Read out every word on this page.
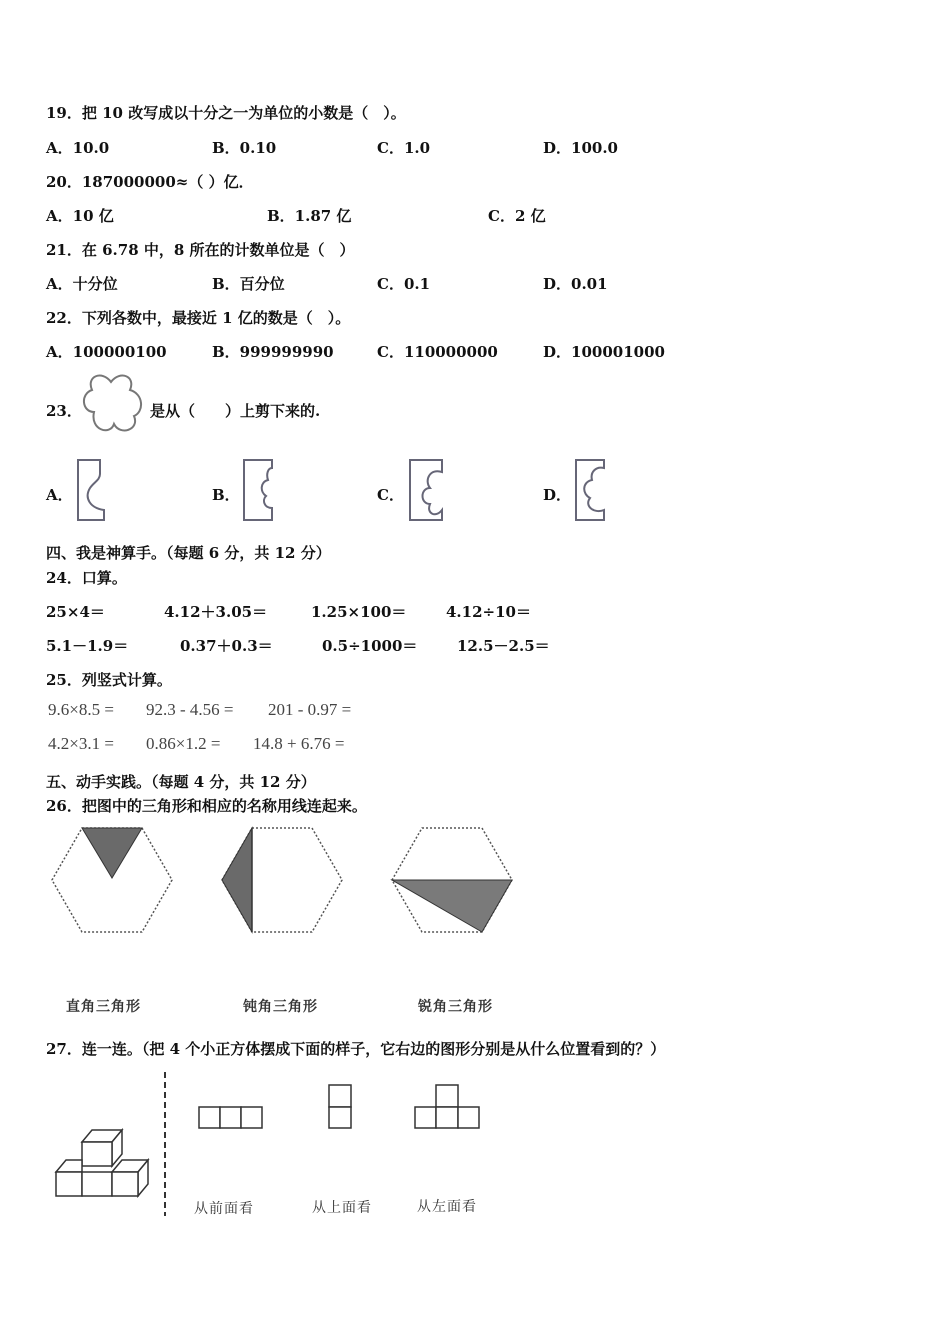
19．把 10 改写成以十分之一为单位的小数是（　）。
A．10.0	B．0.10	C．1.0	D．100.0
20．187000000≈（ ）亿．
A．10 亿	B．1.87 亿	C．2 亿
21．在 6.78 中，8 所在的计数单位是（　）
A．十分位	B．百分位	C．0.1	D．0.01
22．下列各数中，最接近 1 亿的数是（　）。
A．100000100	B．999999990	C．110000000	D．100001000
23．	是从（　　）上剪下来的.
A．	B．	C．	D．
四、我是神算手。（每题 6 分，共 12 分）
24．口算。
25×4＝	4.12＋3.05＝	1.25×100＝	4.12÷10＝
5.1－1.9＝	0.37＋0.3＝	0.5÷1000＝	12.5－2.5＝
25．列竖式计算。
9.6×8.5 = 92.3 - 4.56 = 201 - 0.97 =
4.2×3.1 = 0.86×1.2 = 14.8 + 6.76 =
五、动手实践。（每题 4 分，共 12 分）
26．把图中的三角形和相应的名称用线连起来。
直角三角形	钝角三角形	锐角三角形
27．连一连。（把 4 个小正方体摆成下面的样子，它右边的图形分别是从什么位置看到的？）
从前面看	从上面看	从左面看
